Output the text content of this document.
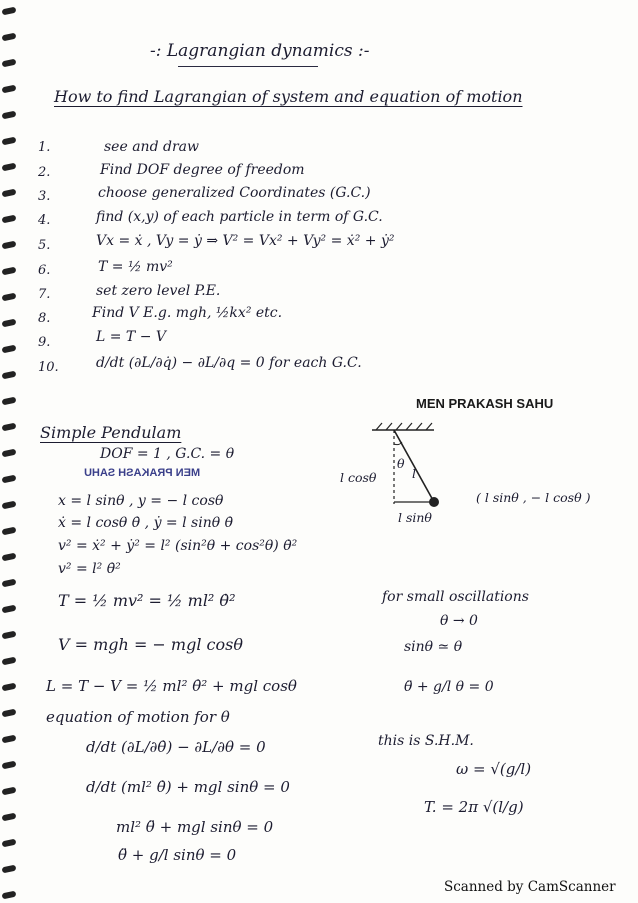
-: Lagrangian dynamics :-
How to find Lagrangian of system and equation of motion
1.	see and draw
2.	Find DOF degree of freedom
3.	choose generalized Coordinates (G.C.)
4.	find (x,y) of each particle in term of G.C.
5.	Vx = ẋ , Vy = ẏ ⇒ V² = Vx² + Vy² = ẋ² + ẏ²
6.	T = ½ mv²
7.	set zero level P.E.
8.	Find V E.g. mgh, ½kx² etc.
9.	L = T − V
10.	d/dt (∂L/∂q̇) − ∂L/∂q = 0 for each G.C.
MEN PRAKASH SAHU
Simple Pendulam
DOF = 1 , G.C. = θ
MEN PRAKASH SAHU
x = l sinθ , y = − l cosθ
ẋ = l cosθ θ̇ , ẏ = l sinθ θ̇
v² = ẋ² + ẏ² = l² (sin²θ + cos²θ) θ̇²
v² = l² θ̇²
T = ½ mv² = ½ ml² θ̇²
V = mgh = − mgl cosθ
L = T − V = ½ ml² θ̇² + mgl cosθ
equation of motion for θ
d/dt (∂L/∂θ̇) − ∂L/∂θ = 0
d/dt (ml² θ̇) + mgl sinθ = 0
ml² θ̈ + mgl sinθ = 0
θ̈ + g/l sinθ = 0
θ
l
l cosθ
l sinθ
( l sinθ , − l cosθ )
for small oscillations
θ → 0
sinθ ≃ θ
θ̈ + g/l θ = 0
this is S.H.M.
ω = √(g/l)
T. = 2π √(l/g)
Scanned by CamScanner
